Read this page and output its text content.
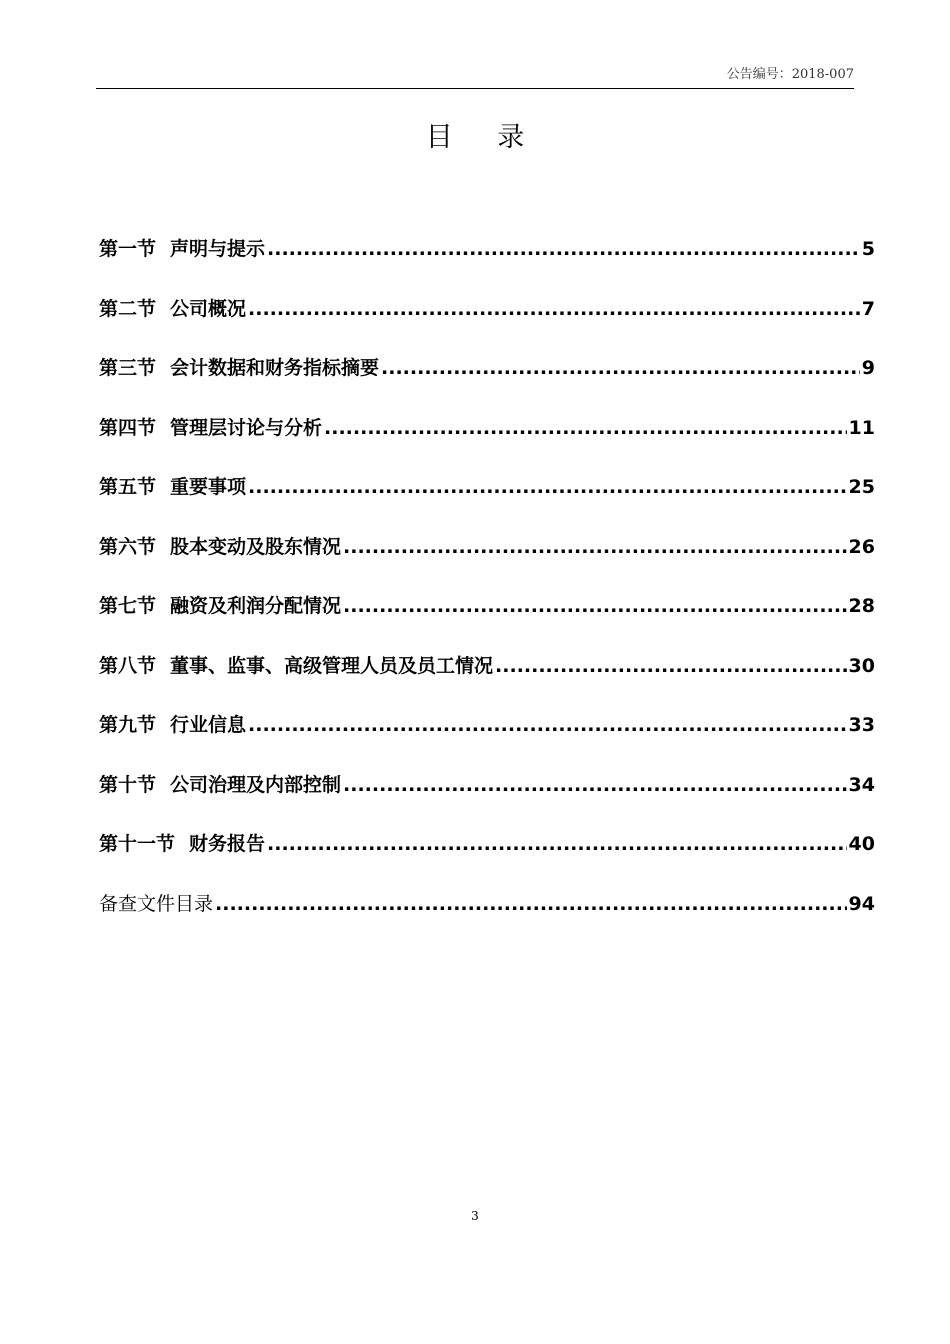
公告编号：2018-007
目 录
第一节 声明与提示 .....	5
第二节 公司概况 .....	7
第三节 会计数据和财务指标摘要 .....	9
第四节 管理层讨论与分析 .....	11
第五节 重要事项 .....	25
第六节 股本变动及股东情况 .....	26
第七节 融资及利润分配情况 .....	28
第八节 董事、监事、高级管理人员及员工情况 .....	30
第九节 行业信息 .....	33
第十节 公司治理及内部控制 .....	34
第十一节 财务报告 .....	40
备查文件目录 .....	94
3
